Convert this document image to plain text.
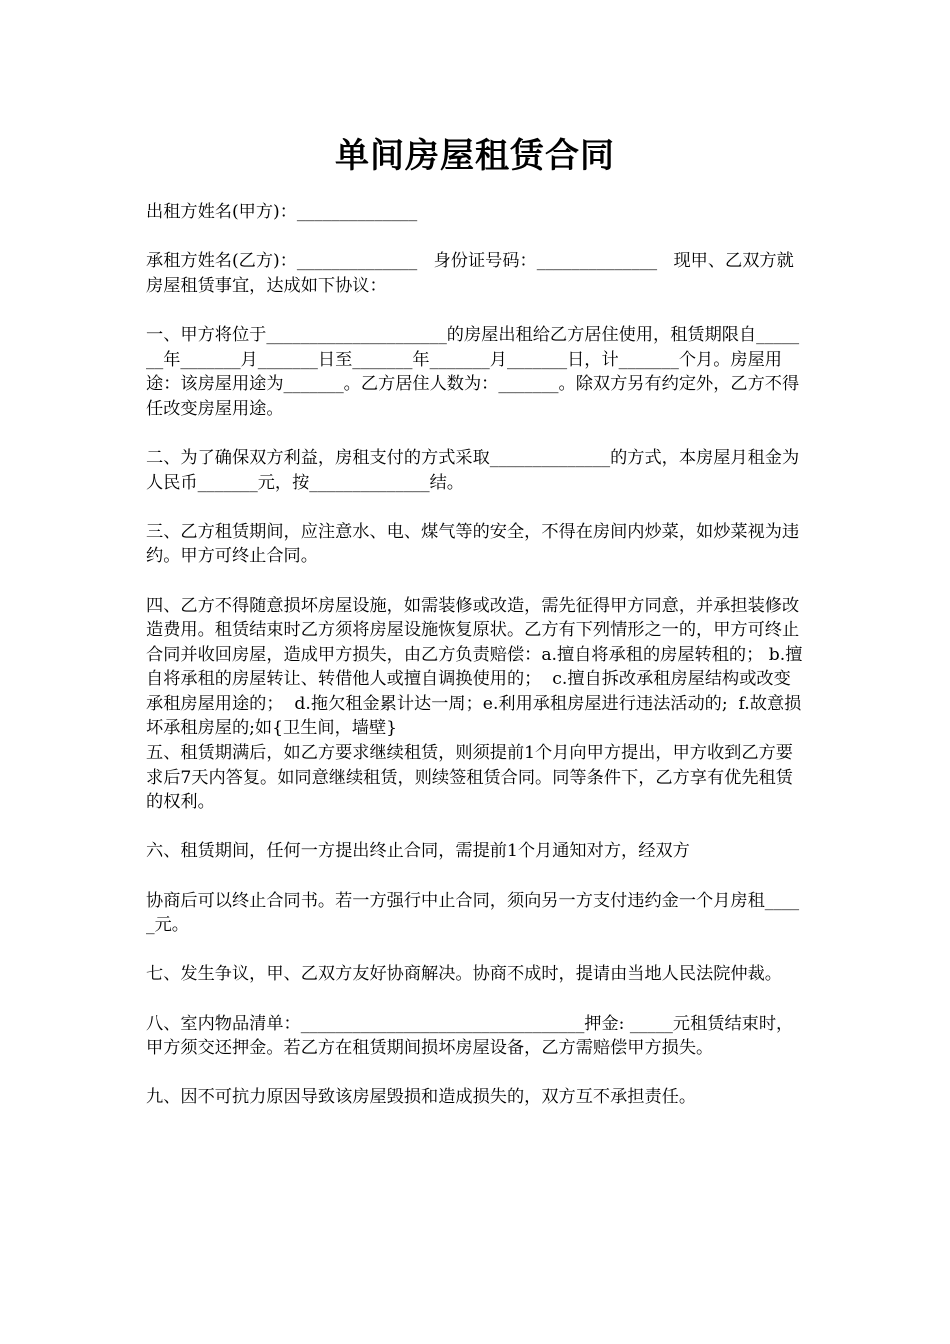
单间房屋租赁合同

出租方姓名(甲方)：______________

承租方姓名(乙方)：______________   身份证号码：______________   现甲、乙双方就房屋租赁事宜，达成如下协议：

一、甲方将位于_____________________的房屋出租给乙方居住使用，租赁期限自_______年_______月_______日至_______年_______月_______日，计_______个月。房屋用途：该房屋用途为_______。乙方居住人数为：_______。除双方另有约定外，乙方不得任改变房屋用途。

二、为了确保双方利益，房租支付的方式采取______________的方式，本房屋月租金为人民币_______元，按______________结。

三、乙方租赁期间，应注意水、电、煤气等的安全，不得在房间内炒菜，如炒菜视为违约。甲方可终止合同。

四、乙方不得随意损坏房屋设施，如需装修或改造，需先征得甲方同意，并承担装修改造费用。租赁结束时乙方须将房屋设施恢复原状。乙方有下列情形之一的，甲方可终止合同并收回房屋，造成甲方损失，由乙方负责赔偿：a.擅自将承租的房屋转租的； b.擅自将承租的房屋转让、转借他人或擅自调换使用的；  c.擅自拆改承租房屋结构或改变承租房屋用途的；  d.拖欠租金累计达一周；e.利用承租房屋进行违法活动的;  f.故意损坏承租房屋的;如{卫生间，墙壁}

五、租赁期满后，如乙方要求继续租赁，则须提前1个月向甲方提出，甲方收到乙方要求后7天内答复。如同意继续租赁，则续签租赁合同。同等条件下，乙方享有优先租赁的权利。

六、租赁期间，任何一方提出终止合同，需提前1个月通知对方，经双方

协商后可以终止合同书。若一方强行中止合同，须向另一方支付违约金一个月房租_____元。

七、发生争议，甲、乙双方友好协商解决。协商不成时，提请由当地人民法院仲裁。

八、室内物品清单：_________________________________押金: _____元租赁结束时，甲方须交还押金。若乙方在租赁期间损坏房屋设备，乙方需赔偿甲方损失。

九、因不可抗力原因导致该房屋毁损和造成损失的，双方互不承担责任。
